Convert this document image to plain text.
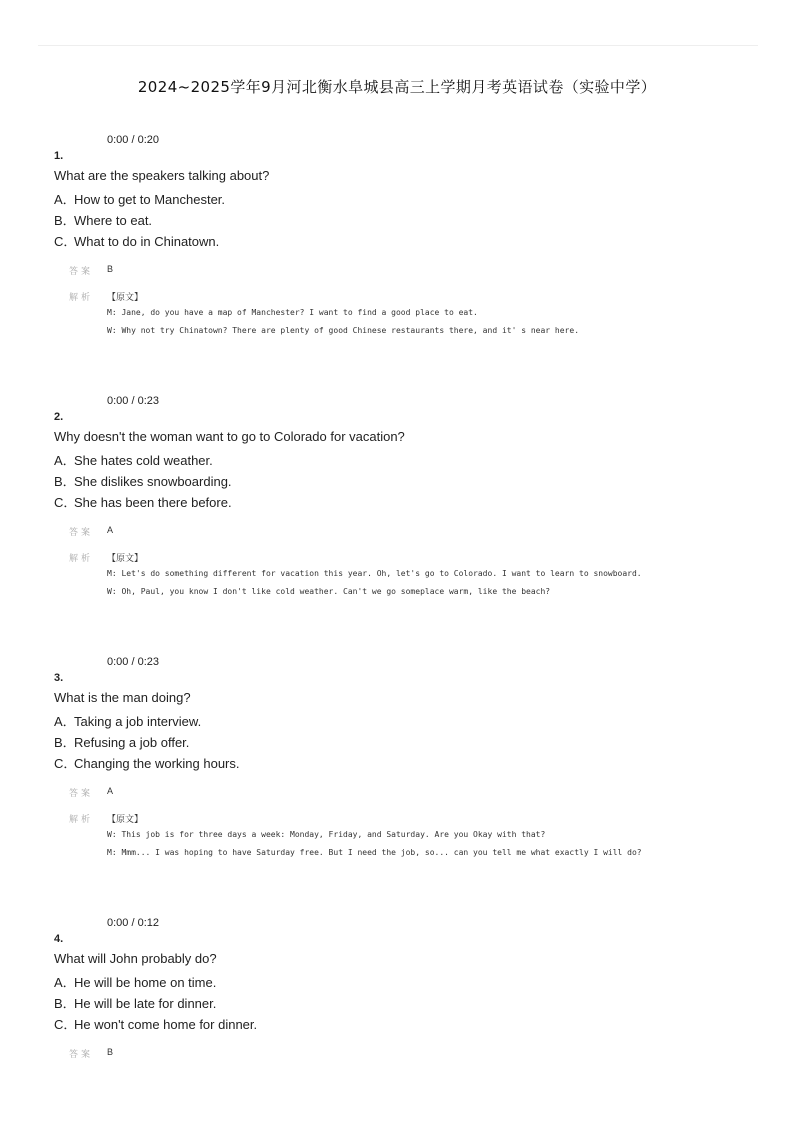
2024~2025学年9月河北衡水阜城县高三上学期月考英语试卷（实验中学）
0:00 / 0:20
1.
What are the speakers talking about?
A．How to get to Manchester.
B．Where to eat.
C．What to do in Chinatown.
答案 B
解析 【原文】
M: Jane, do you have a map of Manchester? I want to find a good place to eat.
W: Why not try Chinatown? There are plenty of good Chinese restaurants there, and it' s near here.
0:00 / 0:23
2.
Why doesn't the woman want to go to Colorado for vacation?
A．She hates cold weather.
B．She dislikes snowboarding.
C．She has been there before.
答案 A
解析 【原文】
M: Let's do something different for vacation this year. Oh, let's go to Colorado. I want to learn to snowboard.
W: Oh, Paul, you know I don't like cold weather. Can't we go someplace warm, like the beach?
0:00 / 0:23
3.
What is the man doing?
A．Taking a job interview.
B．Refusing a job offer.
C．Changing the working hours.
答案 A
解析 【原文】
W: This job is for three days a week: Monday, Friday, and Saturday. Are you Okay with that?
M: Mmm... I was hoping to have Saturday free. But I need the job, so... can you tell me what exactly I will do?
0:00 / 0:12
4.
What will John probably do?
A．He will be home on time.
B．He will be late for dinner.
C．He won't come home for dinner.
答案 B
